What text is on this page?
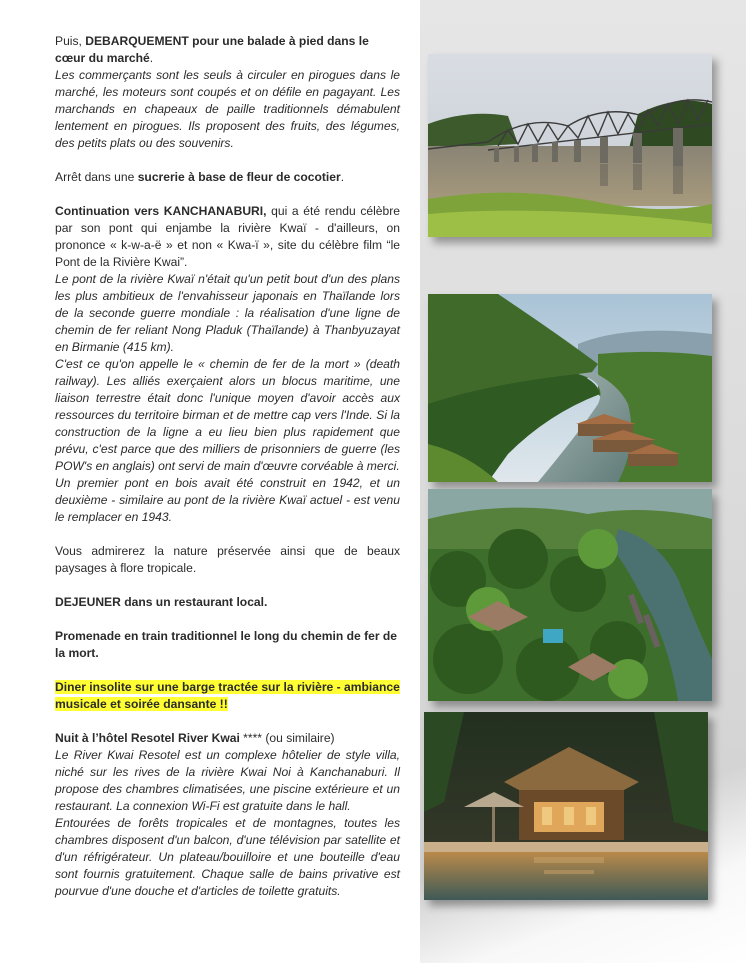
Puis, DEBARQUEMENT pour une balade à pied dans le cœur du marché.

Les commerçants sont les seuls à circuler en pirogues dans le marché, les moteurs sont coupés et on défile en pagayant. Les marchands en chapeaux de paille traditionnels démabulent lentement en pirogues. Ils proposent des fruits, des légumes, des petits plats ou des souvenirs.

Arrêt dans une sucrerie à base de fleur de cocotier.

Continuation vers KANCHANABURI, qui a été rendu célèbre par son pont qui enjambe la rivière Kwaï - d'ailleurs, on prononce « k-w-a-ë » et non « Kwa-ï », site du célèbre film “le Pont de la Rivière Kwai”.

Le pont de la rivière Kwaï n'était qu'un petit bout d'un des plans les plus ambitieux de l'envahisseur japonais en Thaïlande lors de la seconde guerre mondiale : la réalisation d'une ligne de chemin de fer reliant Nong Pladuk (Thaïlande) à Thanbyuzayat en Birmanie (415 km).

C'est ce qu'on appelle le « chemin de fer de la mort » (death railway). Les alliés exerçaient alors un blocus maritime, une liaison terrestre était donc l'unique moyen d'avoir accès aux ressources du territoire birman et de mettre cap vers l'Inde. Si la construction de la ligne a eu lieu bien plus rapidement que prévu, c'est parce que des milliers de prisonniers de guerre (les POW's en anglais) ont servi de main d'œuvre corvéable à merci.

Un premier pont en bois avait été construit en 1942, et un deuxième - similaire au pont de la rivière Kwaï actuel - est venu le remplacer en 1943.

Vous admirerez la nature préservée ainsi que de beaux paysages à flore tropicale.

DEJEUNER dans un restaurant local.

Promenade en train traditionnel le long du chemin de fer de la mort.

Diner insolite sur une barge tractée sur la rivière - ambiance musicale et soirée dansante !!

Nuit à l’hôtel Resotel River Kwai **** (ou similaire)

Le River Kwai Resotel est un complexe hôtelier de style villa, niché sur les rives de la rivière Kwai Noi à Kanchanaburi. Il propose des chambres climatisées, une piscine extérieure et un restaurant. La connexion Wi-Fi est gratuite dans le hall.

Entourées de forêts tropicales et de montagnes, toutes les chambres disposent d'un balcon, d'une télévision par satellite et d'un réfrigérateur. Un plateau/bouilloire et une bouteille d'eau sont fournis gratuitement. Chaque salle de bains privative est pourvue d'une douche et d'articles de toilette gratuits.
